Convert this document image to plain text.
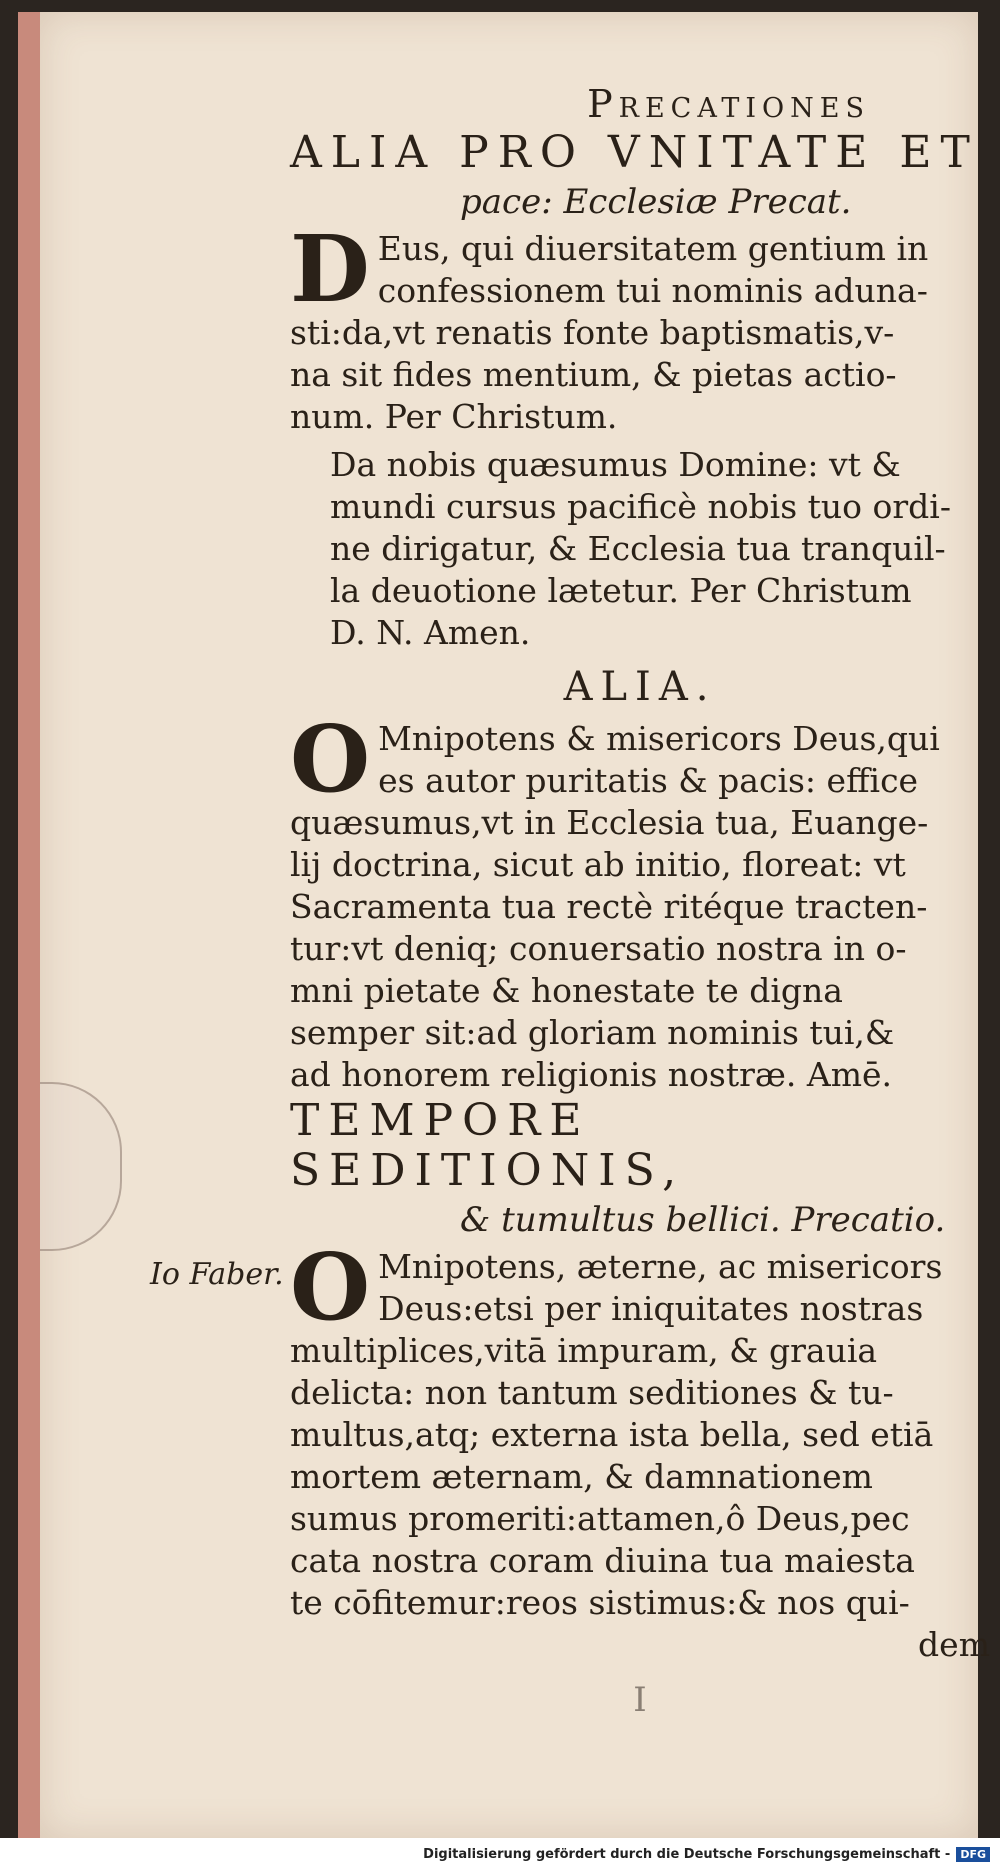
Io Faber.
Precationes
ALIA PRO VNITATE ET
pace: Ecclesiæ Precat.
D Eus, qui diuersitatem gentium in
confessionem tui nominis aduna-
sti:da,vt renatis fonte baptismatis,v-
na sit fides mentium, & pietas actio-
num. Per Christum.
Da nobis quæsumus Domine: vt &
mundi cursus pacificè nobis tuo ordi-
ne dirigatur, & Ecclesia tua tranquil-
la deuotione lætetur. Per Christum
D. N. Amen.
ALIA.
O Mnipotens & misericors Deus,qui
es autor puritatis & pacis: effice
quæsumus,vt in Ecclesia tua, Euange-
lij doctrina, sicut ab initio, floreat: vt
Sacramenta tua rectè ritéque tracten-
tur:vt deniq; conuersatio nostra in o-
mni pietate & honestate te digna
semper sit:ad gloriam nominis tui,&
ad honorem religionis nostræ. Amē.
TEMPORE SEDITIONIS,
& tumultus bellici. Precatio.
O Mnipotens, æterne, ac misericors
Deus:etsi per iniquitates nostras
multiplices,vitā impuram, & grauia
delicta: non tantum seditiones & tu-
multus,atq; externa ista bella, sed etiā
mortem æternam, & damnationem
sumus promeriti:attamen,ô Deus,pec
cata nostra coram diuina tua maiesta
te cōfitemur:reos sistimus:& nos qui-
dem
I
Digitalisierung gefördert durch die Deutsche Forschungsgemeinschaft - DFG
